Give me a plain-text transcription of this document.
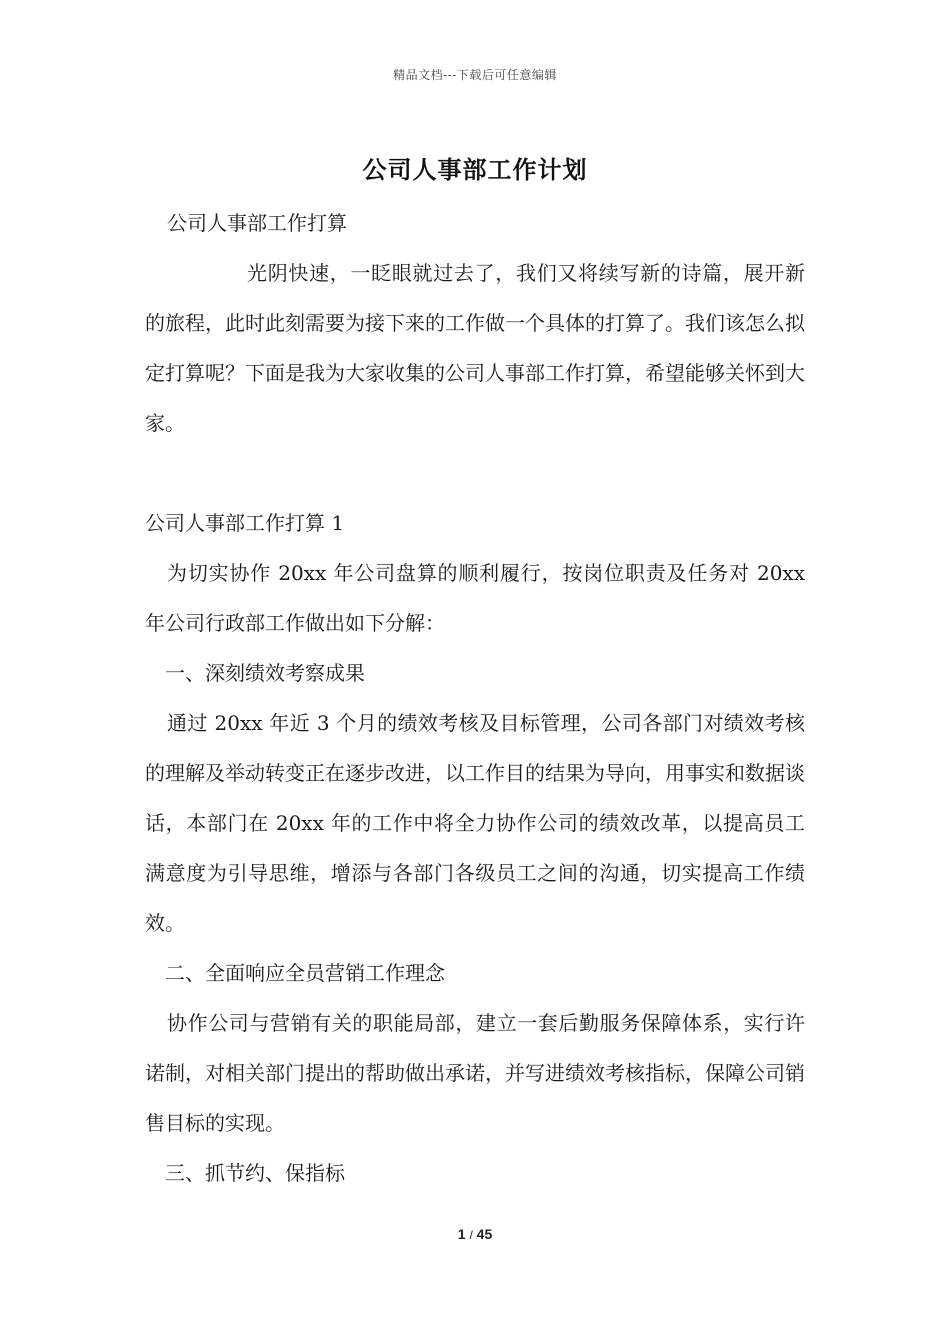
精品文档---下载后可任意编辑
公司人事部工作计划

公司人事部工作打算

光阴快速，一眨眼就过去了，我们又将续写新的诗篇，展开新的旅程，此时此刻需要为接下来的工作做一个具体的打算了。我们该怎么拟定打算呢？下面是我为大家收集的公司人事部工作打算，希望能够关怀到大家。

公司人事部工作打算 1

为切实协作 20xx 年公司盘算的顺利履行，按岗位职责及任务对 20xx 年公司行政部工作做出如下分解：

一、深刻绩效考察成果

通过 20xx 年近 3 个月的绩效考核及目标管理，公司各部门对绩效考核的理解及举动转变正在逐步改进，以工作目的结果为导向，用事实和数据谈话，本部门在 20xx 年的工作中将全力协作公司的绩效改革，以提高员工满意度为引导思维，增添与各部门各级员工之间的沟通，切实提高工作绩效。

二、全面响应全员营销工作理念

协作公司与营销有关的职能局部，建立一套后勤服务保障体系，实行许诺制，对相关部门提出的帮助做出承诺，并写进绩效考核指标，保障公司销售目标的实现。

三、抓节约、保指标

1 / 45
